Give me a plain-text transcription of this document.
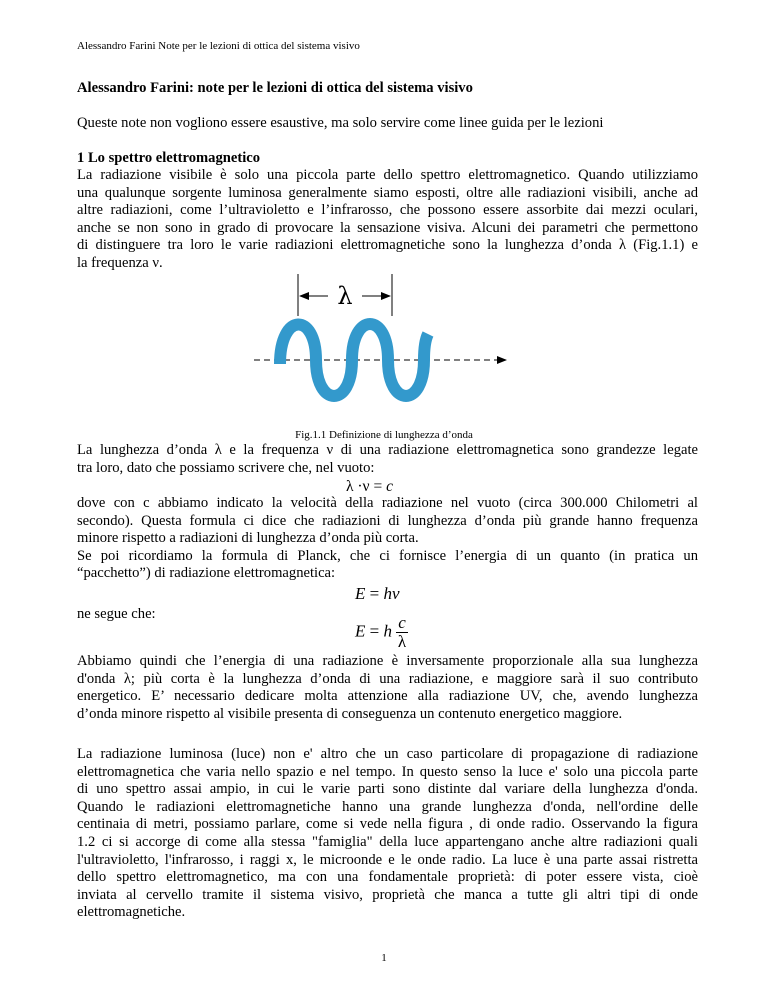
Alessandro Farini Note per le lezioni di ottica del sistema visivo
Alessandro Farini: note per le lezioni di ottica del sistema visivo
Queste note non vogliono essere esaustive, ma solo servire come linee guida per le lezioni
1 Lo spettro elettromagnetico
La radiazione visibile è solo una piccola parte dello spettro elettromagnetico. Quando utilizziamo
una qualunque sorgente luminosa generalmente siamo esposti, oltre alle radiazioni visibili, anche ad
altre radiazioni, come l’ultravioletto e l’infrarosso, che possono essere assorbite dai mezzi oculari,
anche se non sono in grado di provocare la sensazione visiva. Alcuni dei parametri che permettono
di distinguere tra loro le varie radiazioni elettromagnetiche sono la lunghezza d’onda λ (Fig.1.1) e
la frequenza ν.
λ
Fig.1.1 Definizione di lunghezza d’onda
La lunghezza d’onda λ e la frequenza ν di una radiazione elettromagnetica sono grandezze legate
tra loro, dato che possiamo scrivere che, nel vuoto:
λ ·ν = c
dove con c abbiamo indicato la velocità della radiazione nel vuoto (circa 300.000 Chilometri al
secondo). Questa formula ci dice che radiazioni di lunghezza d’onda più grande hanno frequenza
minore rispetto a radiazioni di lunghezza d’onda più corta.
Se poi ricordiamo la formula di Planck, che ci fornisce l’energia di un quanto (in pratica un
“pacchetto”) di radiazione elettromagnetica:
E = hν
ne segue che:
E = h $\frac{c}{\lambda}$
Abbiamo quindi che l’energia di una radiazione è inversamente proporzionale alla sua lunghezza
d'onda λ; più corta è la lunghezza d’onda di una radiazione, e maggiore sarà il suo contributo
energetico. E’ necessario dedicare molta attenzione alla radiazione UV, che, avendo lunghezza
d’onda minore rispetto al visibile presenta di conseguenza un contenuto energetico maggiore.
La radiazione luminosa (luce) non e' altro che un caso particolare di propagazione di radiazione
elettromagnetica che varia nello spazio e nel tempo. In questo senso la luce e' solo una piccola parte
di uno spettro assai ampio, in cui le varie parti sono distinte dal variare della lunghezza d'onda.
Quando le radiazioni elettromagnetiche hanno una grande lunghezza d'onda, nell'ordine delle
centinaia di metri, possiamo parlare, come si vede nella figura , di onde radio. Osservando la figura
1.2 ci si accorge di come alla stessa "famiglia" della luce appartengano anche altre radiazioni quali
l'ultravioletto, l'infrarosso, i raggi x, le microonde e le onde radio. La luce è una parte assai ristretta
dello spettro elettromagnetico, ma con una fondamentale proprietà: di poter essere vista, cioè
inviata al cervello tramite il sistema visivo, proprietà che manca a tutte gli altri tipi di onde
elettromagnetiche.
1
